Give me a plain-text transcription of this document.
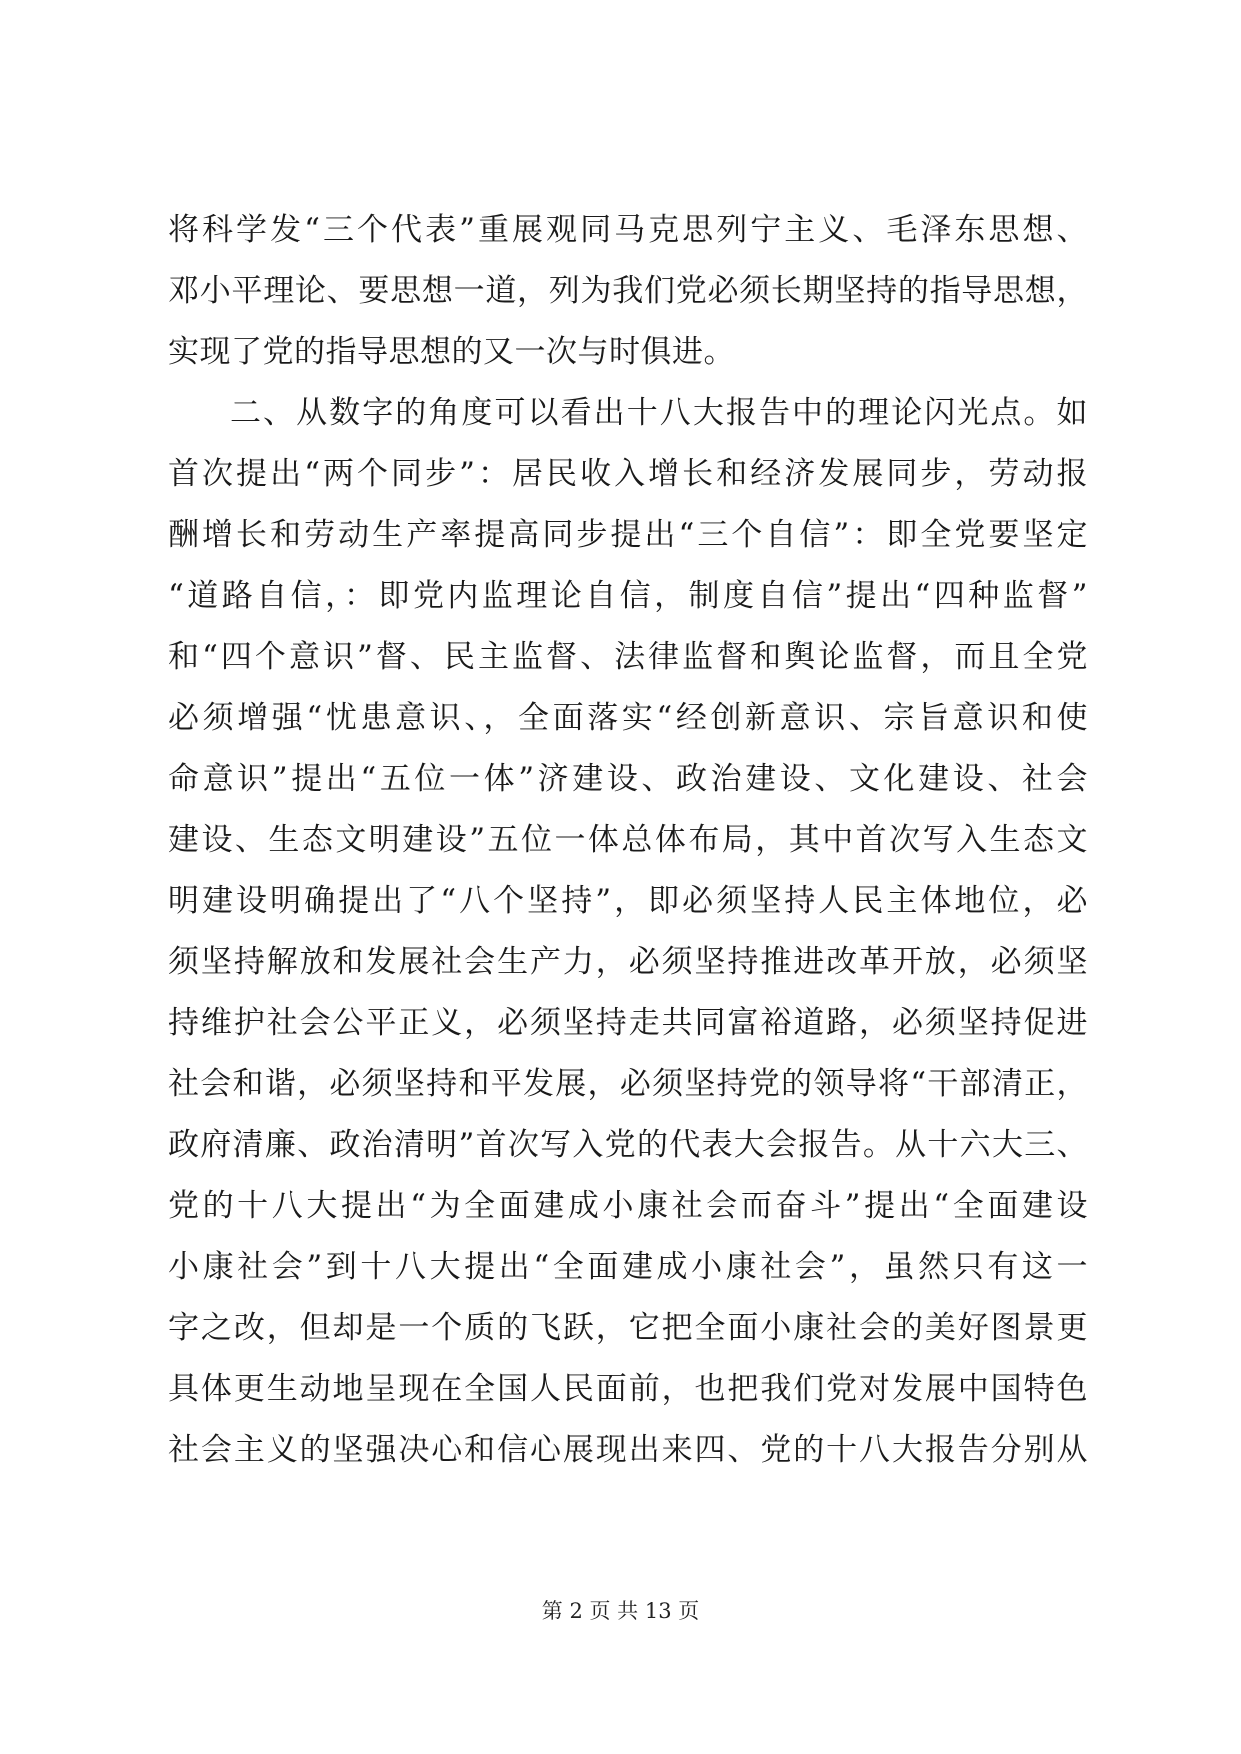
将科学发“三个代表”重展观同马克思列宁主义、毛泽东思想、
邓小平理论、要思想一道，列为我们党必须长期坚持的指导思想，
实现了党的指导思想的又一次与时俱进。
二、从数字的角度可以看出十八大报告中的理论闪光点。如
首次提出“两个同步”：居民收入增长和经济发展同步，劳动报
酬增长和劳动生产率提高同步提出“三个自信”：即全党要坚定
“道路自信，：即党内监理论自信，制度自信”提出“四种监督”
和“四个意识”督、民主监督、法律监督和舆论监督，而且全党
必须增强“忧患意识、，全面落实“经创新意识、宗旨意识和使
命意识”提出“五位一体”济建设、政治建设、文化建设、社会
建设、生态文明建设”五位一体总体布局，其中首次写入生态文
明建设明确提出了“八个坚持”，即必须坚持人民主体地位，必
须坚持解放和发展社会生产力，必须坚持推进改革开放，必须坚
持维护社会公平正义，必须坚持走共同富裕道路，必须坚持促进
社会和谐，必须坚持和平发展，必须坚持党的领导将“干部清正，
政府清廉、政治清明”首次写入党的代表大会报告。从十六大三、
党的十八大提出“为全面建成小康社会而奋斗”提出“全面建设
小康社会”到十八大提出“全面建成小康社会”，虽然只有这一
字之改，但却是一个质的飞跃，它把全面小康社会的美好图景更
具体更生动地呈现在全国人民面前，也把我们党对发展中国特色
社会主义的坚强决心和信心展现出来四、党的十八大报告分别从
第 2 页 共 13 页
